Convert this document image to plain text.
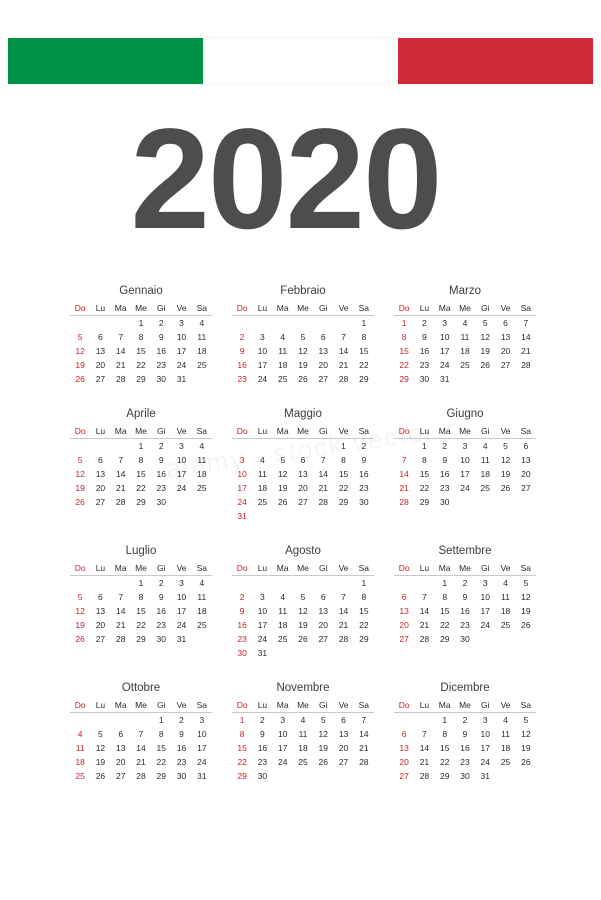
2020
Gennaio
Do	Lu	Ma	Me	Gi	Ve	Sa
			1	2	3	4
5	6	7	8	9	10	11
12	13	14	15	16	17	18
19	20	21	22	23	24	25
26	27	28	29	30	31	
Febbraio
Do	Lu	Ma	Me	Gi	Ve	Sa
						1
2	3	4	5	6	7	8
9	10	11	12	13	14	15
16	17	18	19	20	21	22
23	24	25	26	27	28	29
Marzo
Do	Lu	Ma	Me	Gi	Ve	Sa
1	2	3	4	5	6	7
8	9	10	11	12	13	14
15	16	17	18	19	20	21
22	23	24	25	26	27	28
29	30	31				
Aprile
Do	Lu	Ma	Me	Gi	Ve	Sa
			1	2	3	4
5	6	7	8	9	10	11
12	13	14	15	16	17	18
19	20	21	22	23	24	25
26	27	28	29	30		
Maggio
Do	Lu	Ma	Me	Gi	Ve	Sa
					1	2
3	4	5	6	7	8	9
10	11	12	13	14	15	16
17	18	19	20	21	22	23
24	25	26	27	28	29	30
31						
Giugno
Do	Lu	Ma	Me	Gi	Ve	Sa
	1	2	3	4	5	6
7	8	9	10	11	12	13
14	15	16	17	18	19	20
21	22	23	24	25	26	27
28	29	30				
Luglio
Do	Lu	Ma	Me	Gi	Ve	Sa
			1	2	3	4
5	6	7	8	9	10	11
12	13	14	15	16	17	18
19	20	21	22	23	24	25
26	27	28	29	30	31	
Agosto
Do	Lu	Ma	Me	Gi	Ve	Sa
						1
2	3	4	5	6	7	8
9	10	11	12	13	14	15
16	17	18	19	20	21	22
23	24	25	26	27	28	29
30	31					
Settembre
Do	Lu	Ma	Me	Gi	Ve	Sa
		1	2	3	4	5
6	7	8	9	10	11	12
13	14	15	16	17	18	19
20	21	22	23	24	25	26
27	28	29	30			
Ottobre
Do	Lu	Ma	Me	Gi	Ve	Sa
				1	2	3
4	5	6	7	8	9	10
11	12	13	14	15	16	17
18	19	20	21	22	23	24
25	26	27	28	29	30	31
Novembre
Do	Lu	Ma	Me	Gi	Ve	Sa
1	2	3	4	5	6	7
8	9	10	11	12	13	14
15	16	17	18	19	20	21
22	23	24	25	26	27	28
29	30					
Dicembre
Do	Lu	Ma	Me	Gi	Ve	Sa
		1	2	3	4	5
6	7	8	9	10	11	12
13	14	15	16	17	18	19
20	21	22	23	24	25	26
27	28	29	30	31		
